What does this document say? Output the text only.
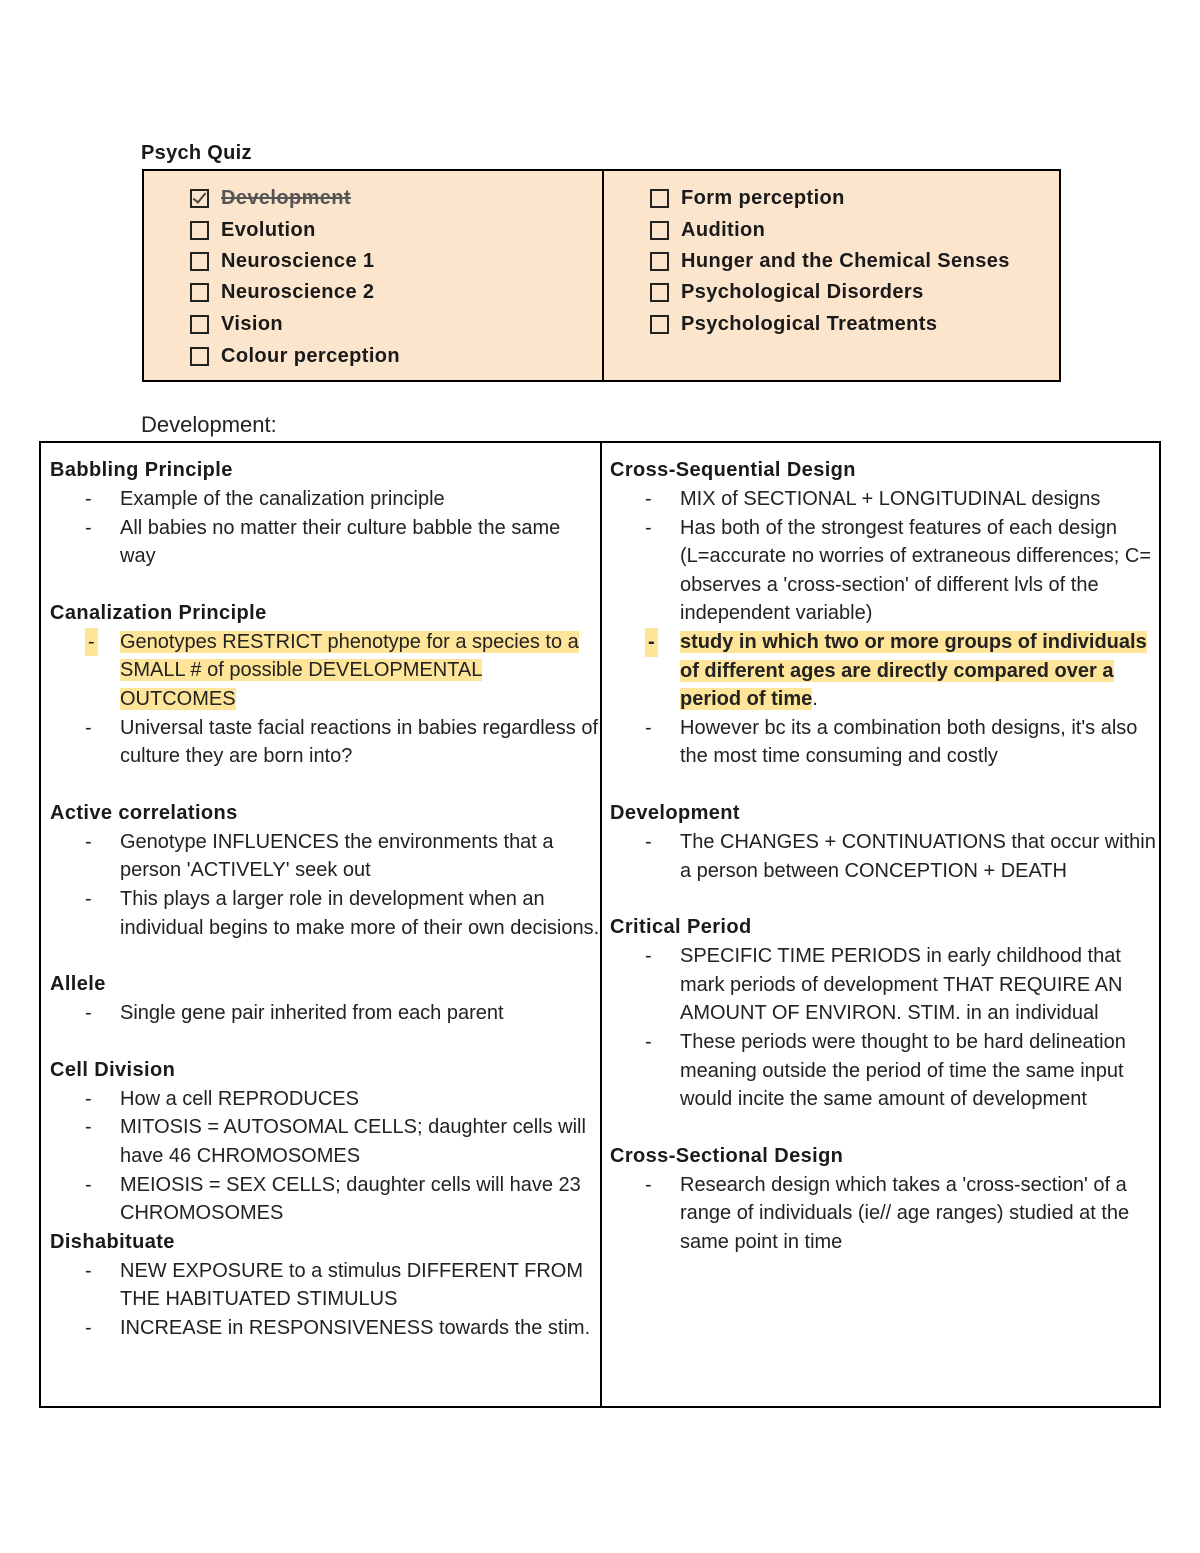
Psych Quiz
Development
Evolution
Neuroscience 1
Neuroscience 2
Vision
Colour perception
Form perception
Audition
Hunger and the Chemical Senses
Psychological Disorders
Psychological Treatments
Development:

Babbling Principle

- Example of the canalization principle
- All babies no matter their culture babble the same way

Canalization Principle

- Genotypes RESTRICT phenotype for a species to a SMALL # of possible DEVELOPMENTAL OUTCOMES
- Universal taste facial reactions in babies regardless of culture they are born into?

Active correlations

- Genotype INFLUENCES the environments that a person 'ACTIVELY' seek out
- This plays a larger role in development when an individual begins to make more of their own decisions.

Allele

- Single gene pair inherited from each parent

Cell Division

- How a cell REPRODUCES
- MITOSIS = AUTOSOMAL CELLS; daughter cells will have 46 CHROMOSOMES
- MEIOSIS = SEX CELLS; daughter cells will have 23 CHROMOSOMES

Dishabituate

- NEW EXPOSURE to a stimulus DIFFERENT FROM THE HABITUATED STIMULUS
- INCREASE in RESPONSIVENESS towards the stim.

Cross-Sequential Design

- MIX of SECTIONAL + LONGITUDINAL designs
- Has both of the strongest features of each design (L=accurate no worries of extraneous differences; C= observes a 'cross-section' of different lvls of the independent variable)
- study in which two or more groups of individuals of different ages are directly compared over a period of time.
- However bc its a combination both designs, it's also the most time consuming and costly

Development

- The CHANGES + CONTINUATIONS that occur within a person between CONCEPTION + DEATH

Critical Period

- SPECIFIC TIME PERIODS in early childhood that mark periods of development THAT REQUIRE AN AMOUNT OF ENVIRON. STIM. in an individual
- These periods were thought to be hard delineation meaning outside the period of time the same input would incite the same amount of development

Cross-Sectional Design

- Research design which takes a 'cross-section' of a range of individuals (ie// age ranges) studied at the same point in time
